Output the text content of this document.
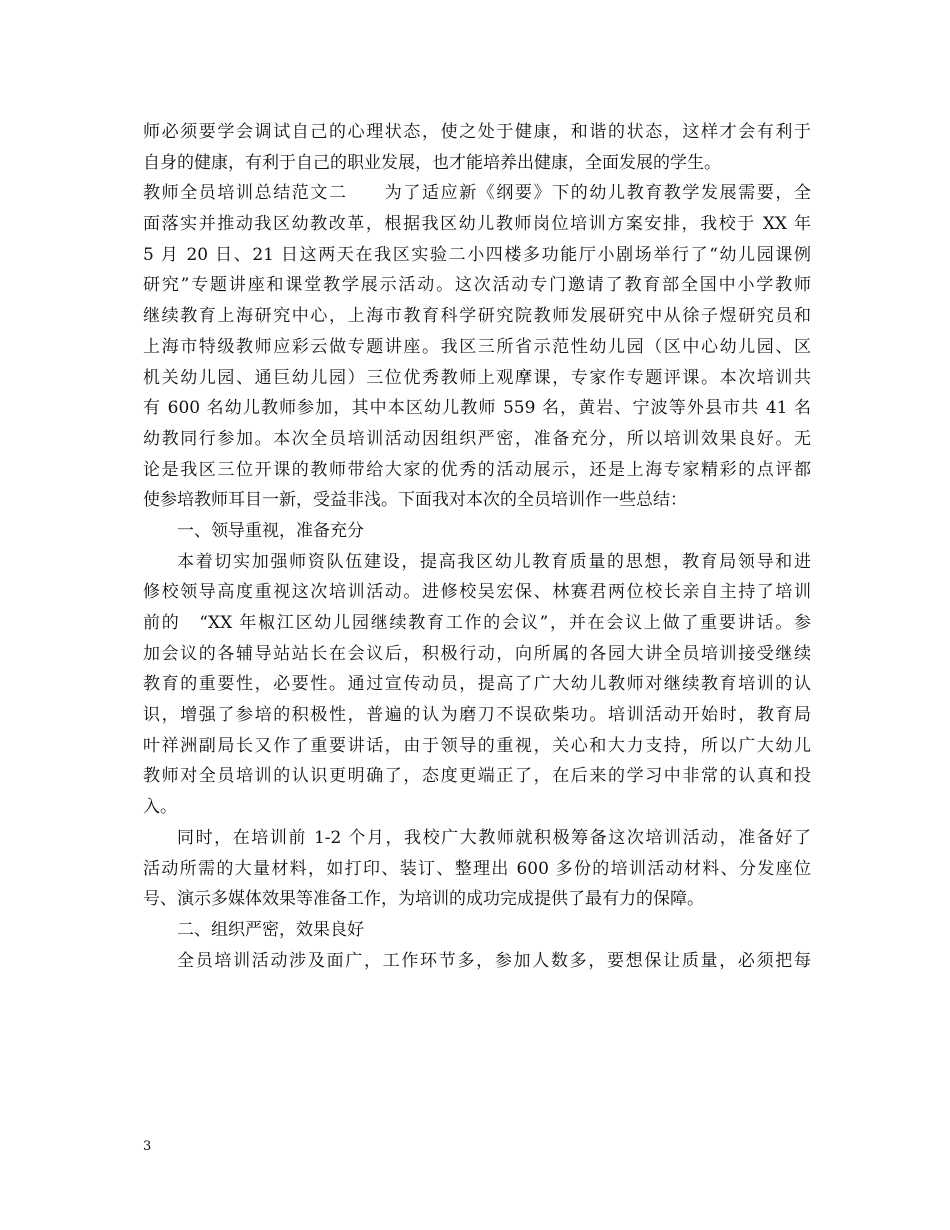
师必须要学会调试自己的心理状态，使之处于健康，和谐的状态，这样才会有利于
自身的健康，有利于自己的职业发展，也才能培养出健康，全面发展的学生。
教师全员培训总结范文二　　为了适应新《纲要》下的幼儿教育教学发展需要，全
面落实并推动我区幼教改革，根据我区幼儿教师岗位培训方案安排，我校于 XX 年
5 月 20 日、21 日这两天在我区实验二小四楼多功能厅小剧场举行了“幼儿园课例
研究”专题讲座和课堂教学展示活动。这次活动专门邀请了教育部全国中小学教师
继续教育上海研究中心，上海市教育科学研究院教师发展研究中从徐子煜研究员和
上海市特级教师应彩云做专题讲座。我区三所省示范性幼儿园（区中心幼儿园、区
机关幼儿园、通巨幼儿园）三位优秀教师上观摩课，专家作专题评课。本次培训共
有 600 名幼儿教师参加，其中本区幼儿教师 559 名，黄岩、宁波等外县市共 41 名
幼教同行参加。本次全员培训活动因组织严密，准备充分，所以培训效果良好。无
论是我区三位开课的教师带给大家的优秀的活动展示，还是上海专家精彩的点评都
使参培教师耳目一新，受益非浅。下面我对本次的全员培训作一些总结：
一、领导重视，准备充分
本着切实加强师资队伍建设，提高我区幼儿教育质量的思想，教育局领导和进
修校领导高度重视这次培训活动。进修校吴宏保、林赛君两位校长亲自主持了培训
前的　“XX 年椒江区幼儿园继续教育工作的会议”，并在会议上做了重要讲话。参
加会议的各辅导站站长在会议后，积极行动，向所属的各园大讲全员培训接受继续
教育的重要性，必要性。通过宣传动员，提高了广大幼儿教师对继续教育培训的认
识，增强了参培的积极性，普遍的认为磨刀不误砍柴功。培训活动开始时，教育局
叶祥洲副局长又作了重要讲话，由于领导的重视，关心和大力支持，所以广大幼儿
教师对全员培训的认识更明确了，态度更端正了，在后来的学习中非常的认真和投
入。
同时，在培训前 1-2 个月，我校广大教师就积极筹备这次培训活动，准备好了
活动所需的大量材料，如打印、装订、整理出 600 多份的培训活动材料、分发座位
号、演示多媒体效果等准备工作，为培训的成功完成提供了最有力的保障。
二、组织严密，效果良好
全员培训活动涉及面广，工作环节多，参加人数多，要想保让质量，必须把每
3
